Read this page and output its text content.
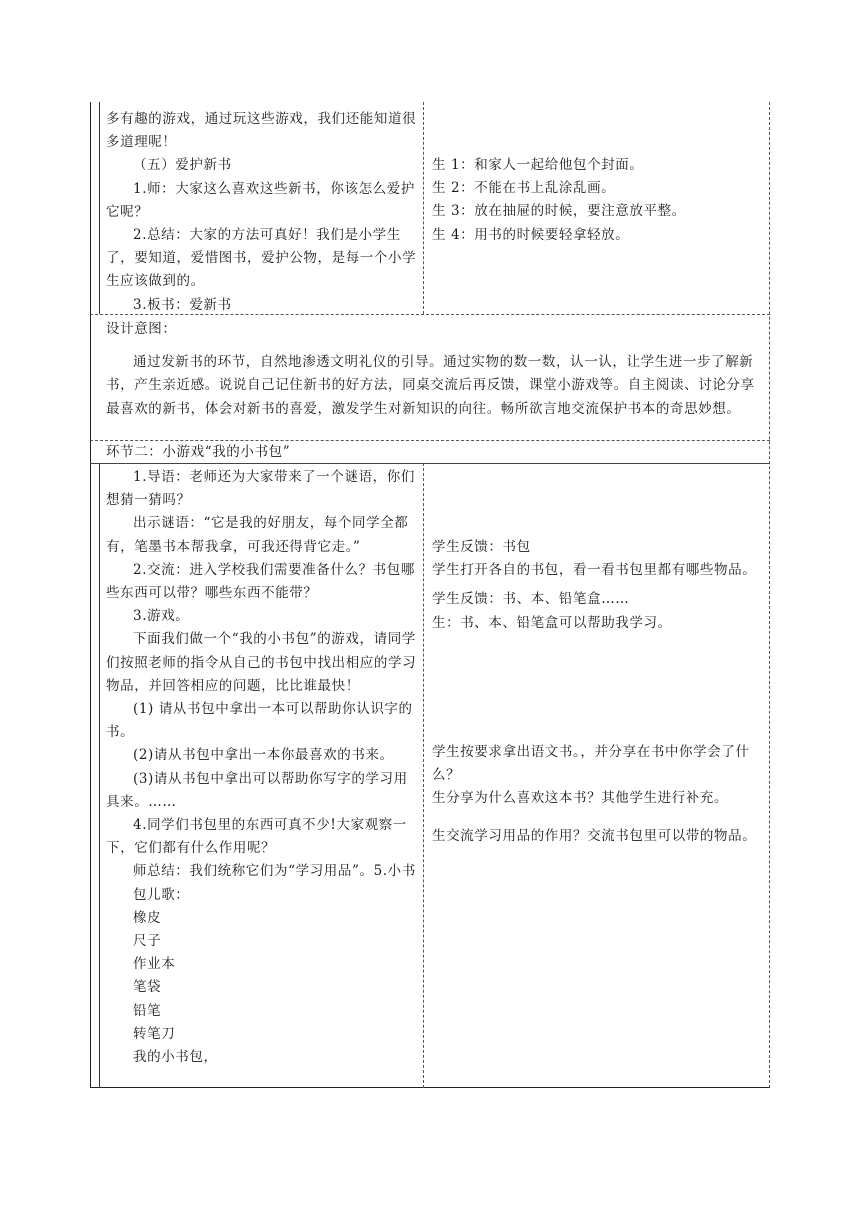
多有趣的游戏，通过玩这些游戏，我们还能知道很多道理呢！

（五）爱护新书

1.师：大家这么喜欢这些新书，你该怎么爱护它呢？

2.总结：大家的方法可真好！我们是小学生了，要知道，爱惜图书，爱护公物，是每一个小学生应该做到的。

3.板书：爱新书

生 1：和家人一起给他包个封面。

生 2：不能在书上乱涂乱画。

生 3：放在抽屉的时候，要注意放平整。

生 4：用书的时候要轻拿轻放。

设计意图：

通过发新书的环节，自然地渗透文明礼仪的引导。通过实物的数一数，认一认，让学生进一步了解新书，产生亲近感。说说自己记住新书的好方法，同桌交流后再反馈，课堂小游戏等。自主阅读、讨论分享最喜欢的新书，体会对新书的喜爱，激发学生对新知识的向往。畅所欲言地交流保护书本的奇思妙想。

环节二：小游戏“我的小书包”

1.导语：老师还为大家带来了一个谜语，你们想猜一猜吗？

出示谜语：“它是我的好朋友，每个同学全都有，笔墨书本帮我拿，可我还得背它走。”

2.交流：进入学校我们需要准备什么？书包哪些东西可以带？哪些东西不能带？

3.游戏。

下面我们做一个“我的小书包”的游戏，请同学们按照老师的指令从自己的书包中找出相应的学习物品，并回答相应的问题，比比谁最快！

(1) 请从书包中拿出一本可以帮助你认识字的书。

(2)请从书包中拿出一本你最喜欢的书来。

(3)请从书包中拿出可以帮助你写字的学习用具来。……

4.同学们书包里的东西可真不少!大家观察一下，它们都有什么作用呢？

师总结：我们统称它们为“学习用品”。5.小书包儿歌：

橡皮

尺子

作业本

笔袋

铅笔

转笔刀

我的小书包，

学生反馈：书包

学生打开各自的书包，看一看书包里都有哪些物品。

学生反馈：书、本、铅笔盒……

生：书、本、铅笔盒可以帮助我学习。

学生按要求拿出语文书。，并分享在书中你学会了什么？

生分享为什么喜欢这本书？其他学生进行补充。

生交流学习用品的作用？交流书包里可以带的物品。
